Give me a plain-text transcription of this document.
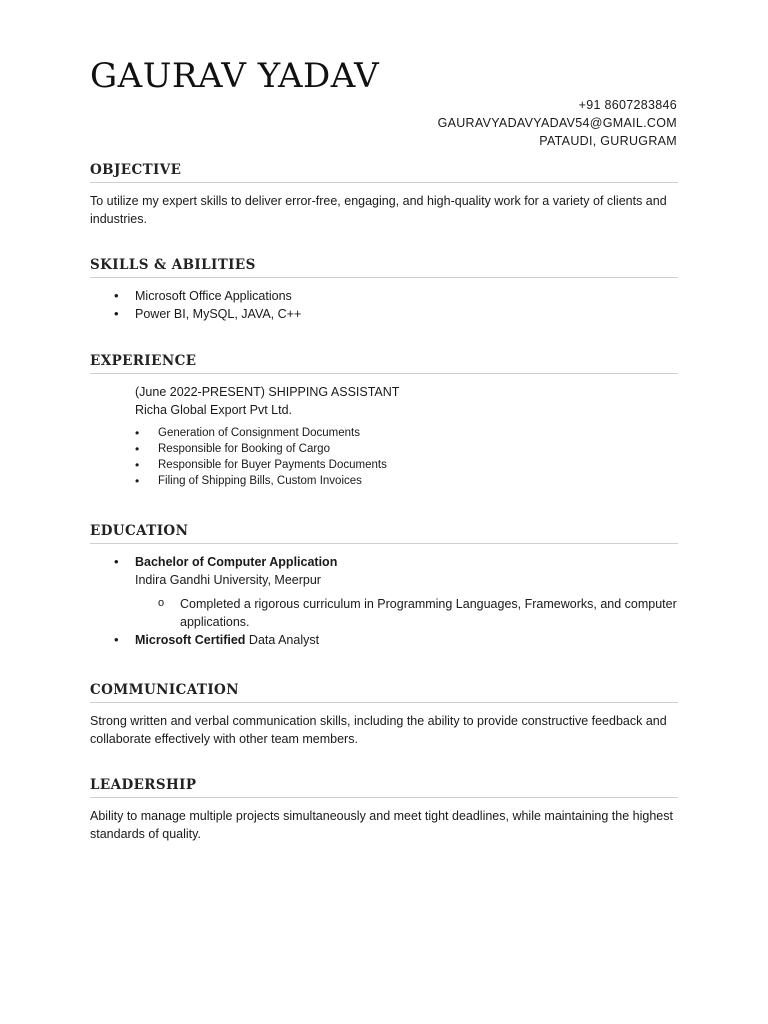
GAURAV YADAV
+91 8607283846
GAURAVYADAVYADAV54@GMAIL.COM
PATAUDI, GURUGRAM
OBJECTIVE

To utilize my expert skills to deliver error-free, engaging, and high-quality work for a variety of clients and industries.

SKILLS & ABILITIES
• Microsoft Office Applications
• Power BI, MySQL, JAVA, C++
EXPERIENCE
(June 2022-PRESENT) SHIPPING ASSISTANT
Richa Global Export Pvt Ltd.
• Generation of Consignment Documents
• Responsible for Booking of Cargo
• Responsible for Buyer Payments Documents
• Filing of Shipping Bills, Custom Invoices
EDUCATION
• Bachelor of Computer Application
Indira Gandhi University, Meerpur
o Completed a rigorous curriculum in Programming Languages, Frameworks, and computer applications.
• Microsoft Certified Data Analyst
COMMUNICATION

Strong written and verbal communication skills, including the ability to provide constructive feedback and collaborate effectively with other team members.

LEADERSHIP

Ability to manage multiple projects simultaneously and meet tight deadlines, while maintaining the highest standards of quality.
